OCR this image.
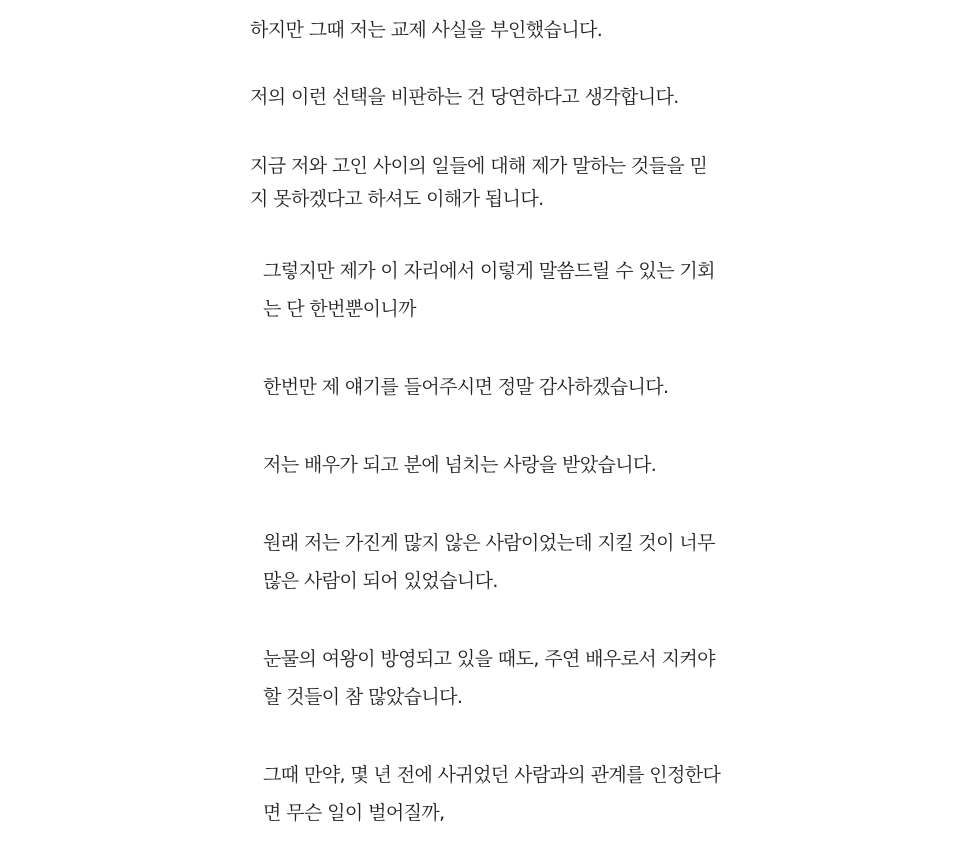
하지만 그때 저는 교제 사실을 부인했습니다.

저의 이런 선택을 비판하는 건 당연하다고 생각합니다.

지금 저와 고인 사이의 일들에 대해 제가 말하는 것들을 믿
지 못하겠다고 하셔도 이해가 됩니다.

그렇지만 제가 이 자리에서 이렇게 말씀드릴 수 있는 기회
는 단 한번뿐이니까

한번만 제 얘기를 들어주시면 정말 감사하겠습니다.

저는 배우가 되고 분에 넘치는 사랑을 받았습니다.

원래 저는 가진게 많지 않은 사람이었는데 지킬 것이 너무
많은 사람이 되어 있었습니다.

눈물의 여왕이 방영되고 있을 때도, 주연 배우로서 지켜야
할 것들이 참 많았습니다.

그때 만약, 몇 년 전에 사귀었던 사람과의 관계를 인정한다
면 무슨 일이 벌어질까,
